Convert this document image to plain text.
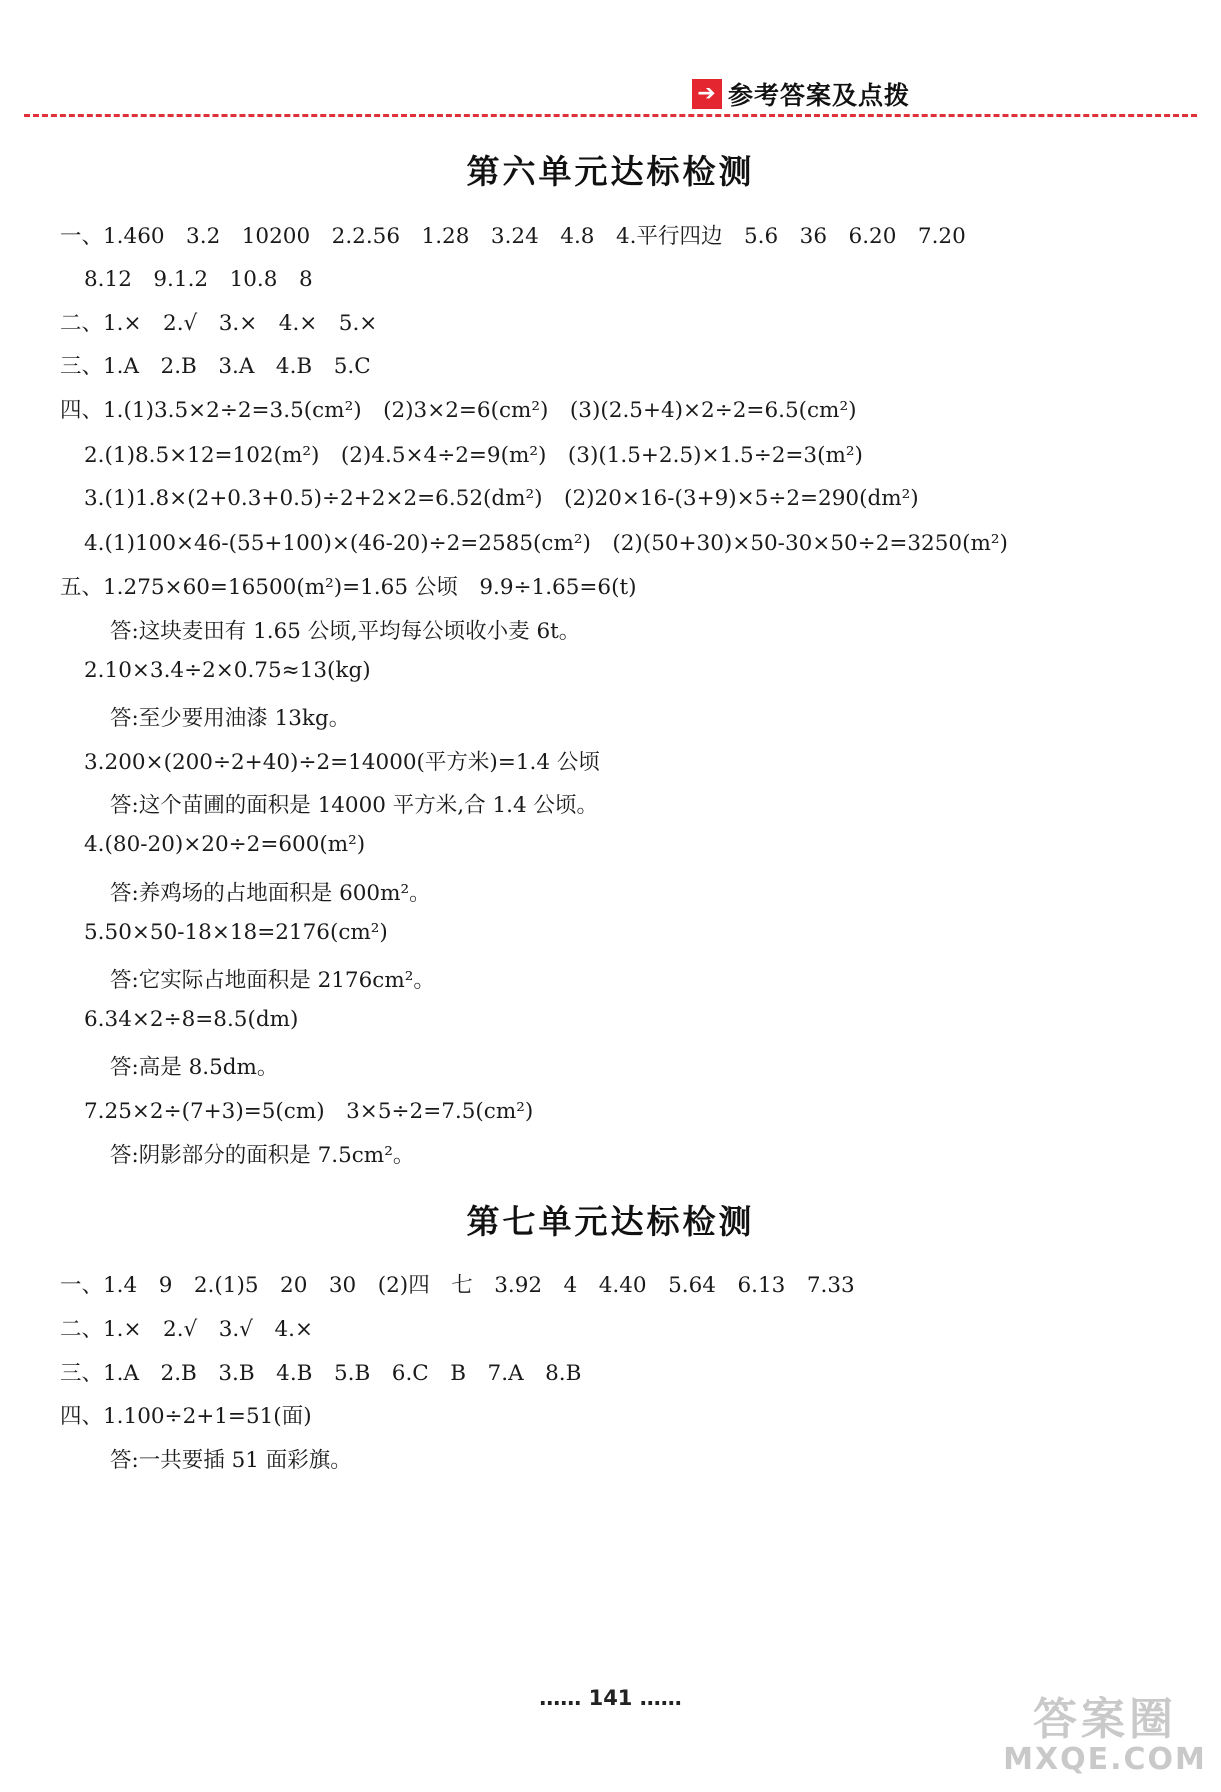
➔ 参考答案及点拨
第六单元达标检测
一、1.460　3.2　10200　2.2.56　1.28　3.24　4.8　4.平行四边　5.6　36　6.20　7.20
8.12　9.1.2　10.8　8
二、1.×　2.√　3.×　4.×　5.×
三、1.A　2.B　3.A　4.B　5.C
四、1.(1)3.5×2÷2=3.5(cm²)　(2)3×2=6(cm²)　(3)(2.5+4)×2÷2=6.5(cm²)
2.(1)8.5×12=102(m²)　(2)4.5×4÷2=9(m²)　(3)(1.5+2.5)×1.5÷2=3(m²)
3.(1)1.8×(2+0.3+0.5)÷2+2×2=6.52(dm²)　(2)20×16-(3+9)×5÷2=290(dm²)
4.(1)100×46-(55+100)×(46-20)÷2=2585(cm²)　(2)(50+30)×50-30×50÷2=3250(m²)
五、1.275×60=16500(m²)=1.65 公顷　9.9÷1.65=6(t)
答:这块麦田有 1.65 公顷,平均每公顷收小麦 6t。
2.10×3.4÷2×0.75≈13(kg)
答:至少要用油漆 13kg。
3.200×(200÷2+40)÷2=14000(平方米)=1.4 公顷
答:这个苗圃的面积是 14000 平方米,合 1.4 公顷。
4.(80-20)×20÷2=600(m²)
答:养鸡场的占地面积是 600m²。
5.50×50-18×18=2176(cm²)
答:它实际占地面积是 2176cm²。
6.34×2÷8=8.5(dm)
答:高是 8.5dm。
7.25×2÷(7+3)=5(cm)　3×5÷2=7.5(cm²)
答:阴影部分的面积是 7.5cm²。
第七单元达标检测
一、1.4　9　2.(1)5　20　30　(2)四　七　3.92　4　4.40　5.64　6.13　7.33
二、1.×　2.√　3.√　4.×
三、1.A　2.B　3.B　4.B　5.B　6.C　B　7.A　8.B
四、1.100÷2+1=51(面)
答:一共要插 51 面彩旗。
…… 141 ……	答案圈
MXQE.COM
